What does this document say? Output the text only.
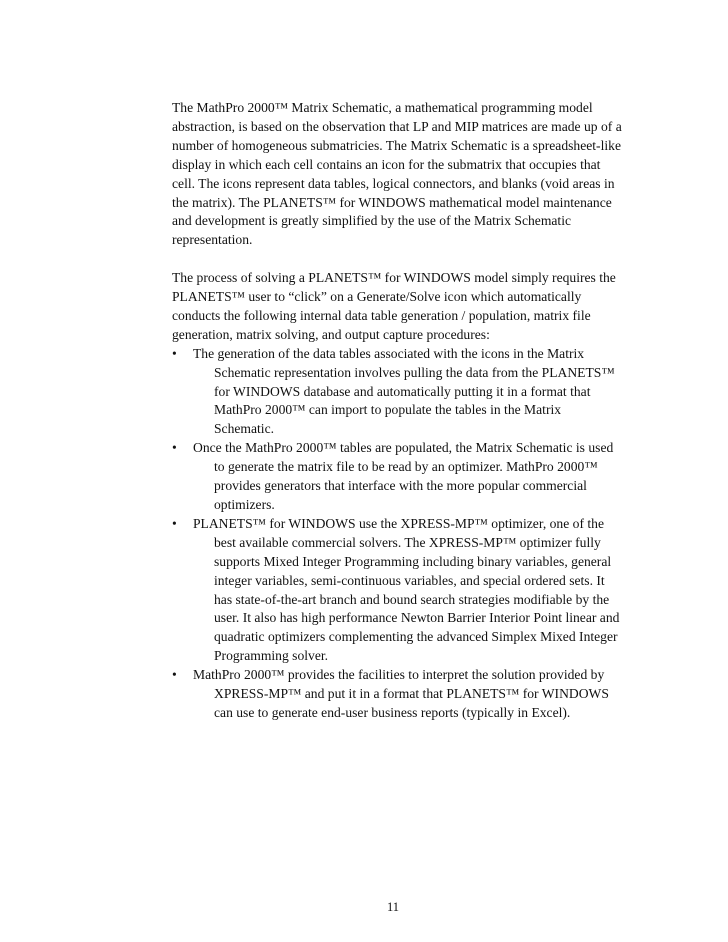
The MathPro 2000™ Matrix Schematic, a mathematical programming model abstraction, is based on the observation that LP and MIP matrices are made up of a number of homogeneous submatricies. The Matrix Schematic is a spreadsheet-like display in which each cell contains an icon for the submatrix that occupies that cell. The icons represent data tables, logical connectors, and blanks (void areas in the matrix). The PLANETS™ for WINDOWS mathematical model maintenance and development is greatly simplified by the use of the Matrix Schematic representation.

The process of solving a PLANETS™ for WINDOWS model simply requires the PLANETS™ user to “click” on a Generate/Solve icon which automatically conducts the following internal data table generation / population, matrix file generation, matrix solving, and output capture procedures:

•	The generation of the data tables associated with the icons in the Matrix Schematic representation involves pulling the data from the PLANETS™ for WINDOWS database and automatically putting it in a format that MathPro 2000™ can import to populate the tables in the Matrix Schematic.
•	Once the MathPro 2000™ tables are populated, the Matrix Schematic is used to generate the matrix file to be read by an optimizer. MathPro 2000™ provides generators that interface with the more popular commercial optimizers.
•	PLANETS™ for WINDOWS use the XPRESS-MP™ optimizer, one of the best available commercial solvers. The XPRESS-MP™ optimizer fully supports Mixed Integer Programming including binary variables, general integer variables, semi-continuous variables, and special ordered sets. It has state-of-the-art branch and bound search strategies modifiable by the user. It also has high performance Newton Barrier Interior Point linear and quadratic optimizers complementing the advanced Simplex Mixed Integer Programming solver.
•	MathPro 2000™ provides the facilities to interpret the solution provided by XPRESS-MP™ and put it in a format that PLANETS™ for WINDOWS can use to generate end-user business reports (typically in Excel).
11
